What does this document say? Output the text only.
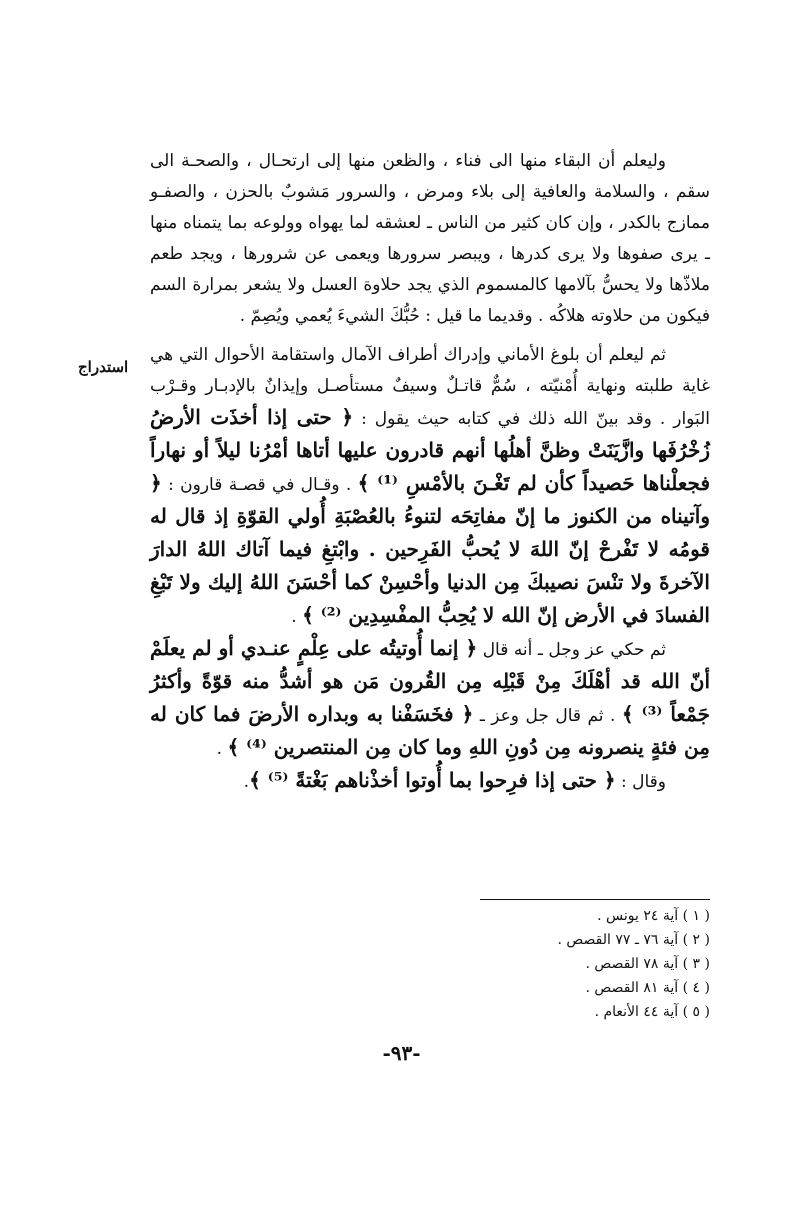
وليعلم أن البقاء منها الى فناء ، والظعن منها إلى ارتحـال ، والصحـة الى سقم ، والسلامة والعافية إلى بلاء ومرض ، والسرور مَشوبٌ بالحزن ، والصفـو ممازج بالكدر ، وإن كان كثير من الناس ـ لعشقه لما يهواه وولوعه بما يتمناه منها ـ يرى صفوها ولا يرى كدرها ، ويبصر سرورها ويعمى عن شرورها ، ويجد طعم ملاذّها ولا يحسُّ بآلامها كالمسموم الذي يجد حلاوة العسل ولا يشعر بمرارة السم فيكون من حلاوته هلاكُه . وقديما ما قيل : حُبُّكَ الشيءَ يُعمي ويُصِمّ .

ثم ليعلم أن بلوغ الأماني وإدراك أطراف الآمال واستقامة الأحوال التي هي غاية طلبته ونهاية أُمْنيّته ، سُمٌّ قاتـلٌ وسيفٌ مستأصـل وإيذانٌ بالإدبـار وقـرْب البَوار . وقد بينّ الله ذلك في كتابه حيث يقول : ﴿ حتى إذا أخذَت الأرضُ زُخْرُفَها وازَّيَنَتْ وظنَّ أهلُها أنهم قادرون عليها أتاها أمْرُنا ليلاً أو نهاراً فجعلْناها حَصيداً كأن لم تَغْـنَ بالأمْسِ ⁽¹⁾ ﴾ . وقـال في قصـة قارون : ﴿ وآتيناه من الكنوز ما إنّ مفاتِحَه لتنوءُ بالعُصْبَةِ أُولي القوّةِ إذ قال له قومُه لا تَفْرحْ إنّ اللهَ لا يُحبُّ الفَرِحين . وابْتغِ فيما آتاك اللهُ الدارَ الآخرةَ ولا تنْسَ نصيبكَ مِن الدنيا وأحْسِنْ كما أحْسَنَ اللهُ إليك ولا تَبْغِ الفسادَ في الأرض إنّ الله لا يُحِبُّ المفْسِدِين ⁽²⁾ ﴾ .

ثم حكي عز وجل ـ أنه قال ﴿ إنما أُوتيتُه على عِلْمٍ عنـدي أو لم يعلَمْ أنّ الله قد أهْلَكَ مِنْ قَبْلِه مِن القُرون مَن هو أشدُّ منه قوّةً وأكثرُ جَمْعاً ⁽³⁾ ﴾ . ثم قال جل وعز ـ ﴿ فخَسَفْنا به وبداره الأرضَ فما كان له مِن فئةٍ ينصرونه مِن دُونِ اللهِ وما كان مِن المنتصرين ⁽⁴⁾ ﴾ .

وقال : ﴿ حتى إذا فرِحوا بما أُوتوا أخذْناهم بَغْتةً ⁽⁵⁾ ﴾.

استدراج
( ١ ) آية ٢٤ يونس .
( ٢ ) آية ٧٦ ـ ٧٧ القصص .
( ٣ ) آية ٧٨ القصص .
( ٤ ) آية ٨١ القصص .
( ٥ ) آية ٤٤ الأنعام .
-٩٣-
